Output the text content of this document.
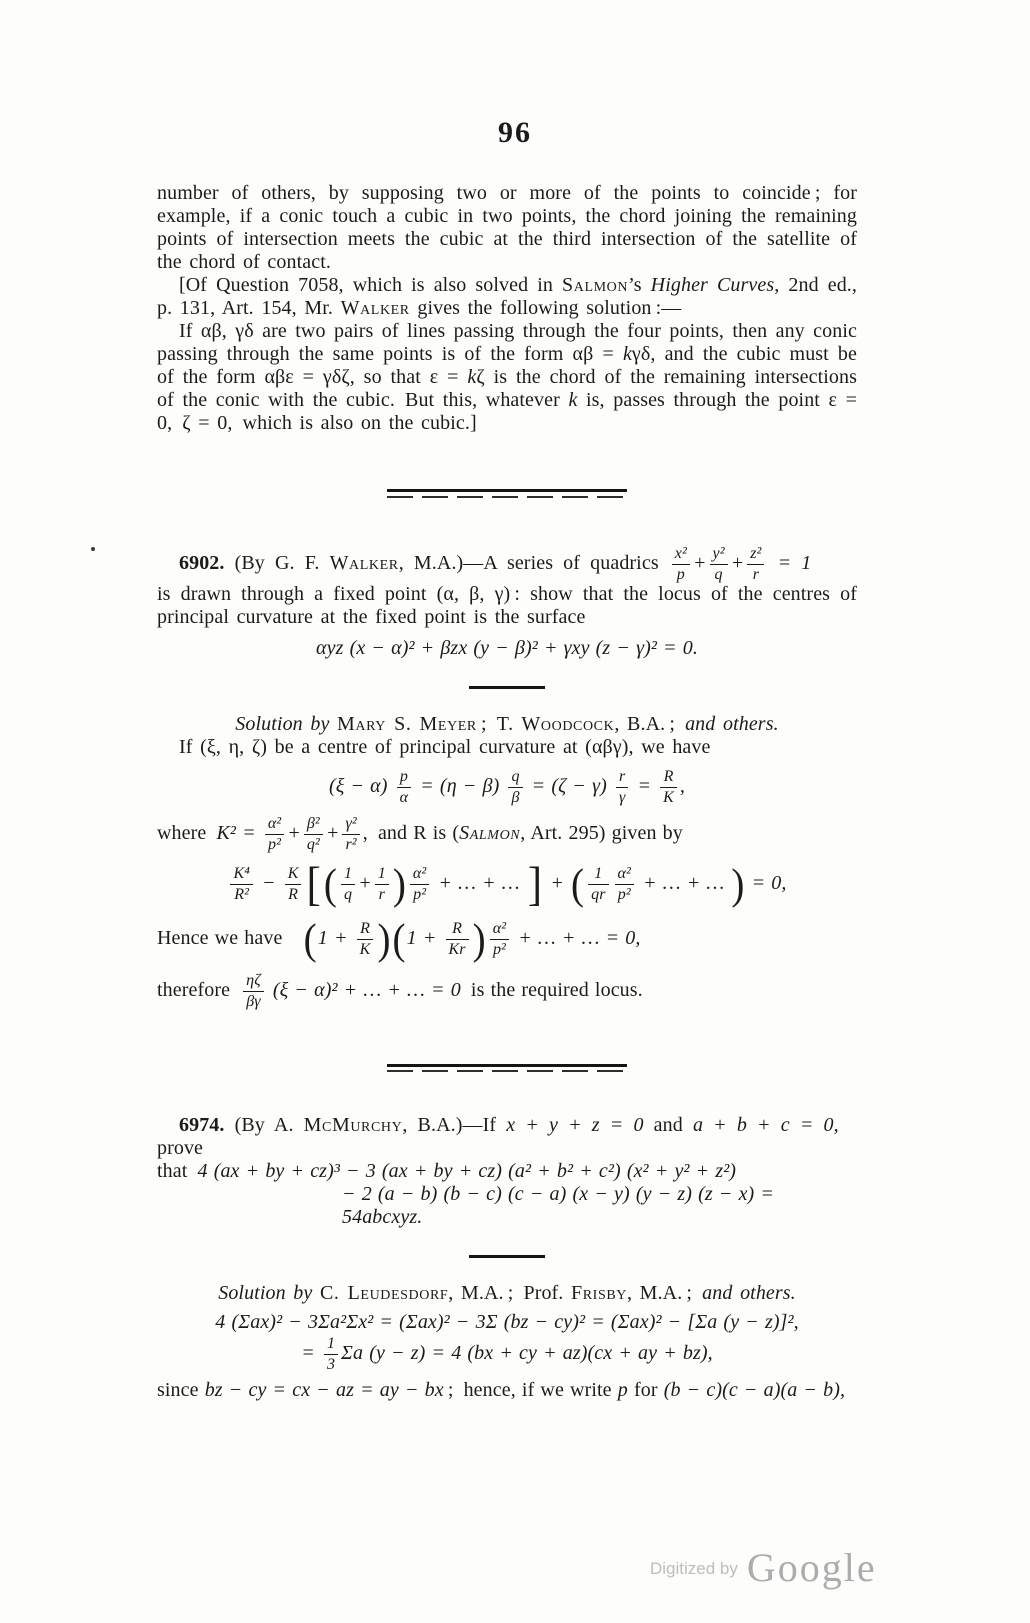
96

number of others, by supposing two or more of the points to coincide ; for example, if a conic touch a cubic in two points, the chord joining the remaining points of intersection meets the cubic at the third intersection of the satellite of the chord of contact.

[Of Question 7058, which is also solved in Salmon’s Higher Curves, 2nd ed., p. 131, Art. 154, Mr. Walker gives the following solution :—

If αβ, γδ are two pairs of lines passing through the four points, then any conic passing through the same points is of the form αβ = kγδ, and the cubic must be of the form αβε = γδζ, so that ε = kζ is the chord of the remaining intersections of the conic with the cubic. But this, whatever k is, passes through the point ε = 0, ζ = 0, which is also on the cubic.]

6902. (By G. F. Walker, M.A.)—A series of quadrics $\frac{\text{x²}}{p} + \frac{\text{y²}}{q} + \frac{\text{z²}}{r} = 1$

is drawn through a fixed point (α, β, γ) : show that the locus of the centres of principal curvature at the fixed point is the surface

αyz (x − α)² + βzx (y − β)² + γxy (z − γ)² = 0.
Solution by Mary S. Meyer ; T. Woodcock, B.A. ; and others.

If (ξ, η, ζ) be a centre of principal curvature at (αβγ), we have

$(\xi - \alpha) \frac{p}{\alpha} = (\eta - \beta) \frac{q}{\beta} = (\zeta - \gamma) \frac{r}{\gamma} = \frac{R}{K}$ ,
where $K^2 = \frac{\text{α²}}{\text{p²}} + \frac{\text{β²}}{\text{q²}} + \frac{\text{γ²}}{\text{r²}}$ , and R is (Salmon, Art. 295) given by
$\frac{\text{K⁴}}{\text{R²}} - \frac{K}{R}$ [( $\frac{1}{q} + \frac{1}{r}$ ) $\frac{\text{α²}}{\text{p²}}$ + … + … ] + ( $\frac{1}{qr} \frac{\text{α²}}{\text{p²}}$ + … + … ) = 0,
Hence we have  $(1 + \frac{R}{K} )(1 + \frac{R}{Kr}$ ) $\frac{\text{α²}}{\text{p²}}$ + … + … = 0,
therefore  $\frac{\eta\zeta}{\beta\gamma} (\xi - \alpha)^2$ + … + … = 0 is the required locus.
6974. (By A. McMurchy, B.A.)—If x + y + z = 0 and a + b + c = 0, prove
that 4 (ax + by + cz)³ − 3 (ax + by + cz) (a² + b² + c²) (x² + y² + z²)
− 2 (a − b) (b − c) (c − a) (x − y) (y − z) (z − x) = 54abcxyz.
Solution by C. Leudesdorf, M.A. ; Prof. Frisby, M.A. ; and others.
4 (Σax)² − 3Σa²Σx² = (Σax)² − 3Σ (bz − cy)² = (Σax)² − [Σa (y − z)]²,
= $\frac{1}{3}$ Σa (y − z) = 4 (bx + cy + az)(cx + ay + bz),
since bz − cy = cx − az = ay − bx ; hence, if we write p for (b − c)(c − a)(a − b),
Digitized by Google
